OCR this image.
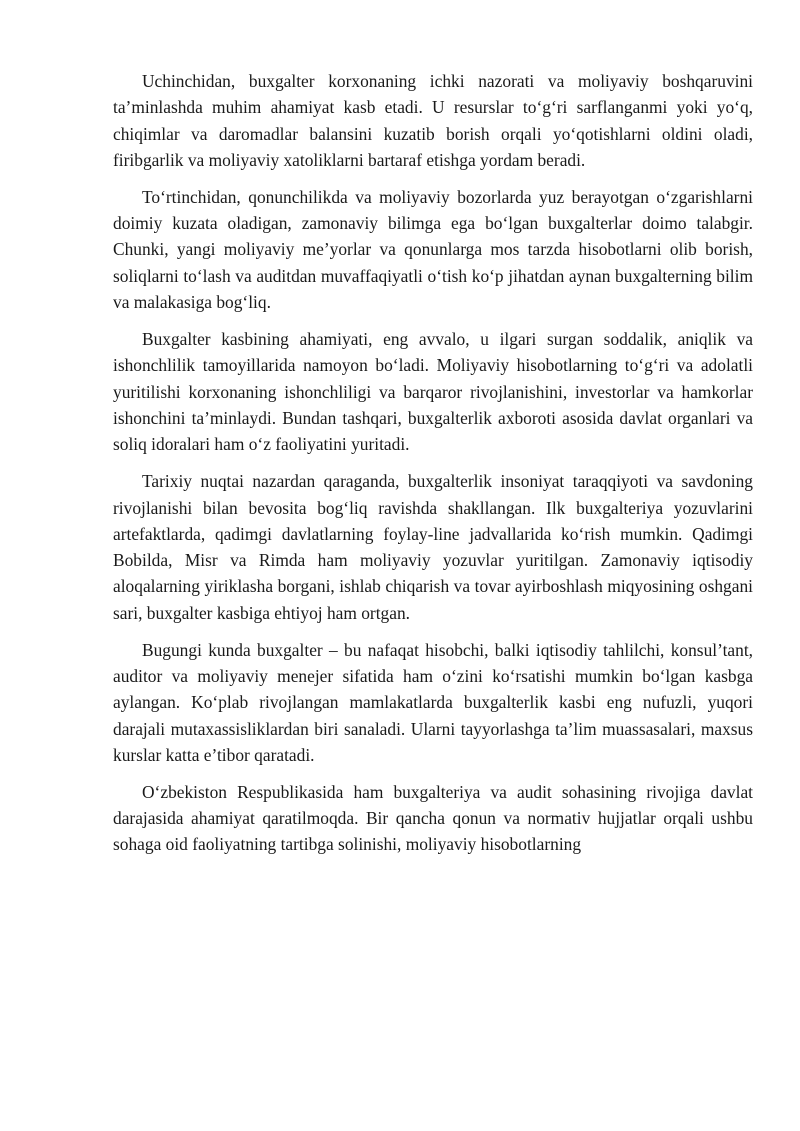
Uchinchidan, buxgalter korxonaning ichki nazorati va moliyaviy boshqaruvini ta’minlashda muhim ahamiyat kasb etadi. U resurslar to‘g‘ri sarflanganmi yoki yo‘q, chiqimlar va daromadlar balansini kuzatib borish orqali yo‘qotishlarni oldini oladi, firibgarlik va moliyaviy xatoliklarni bartaraf etishga yordam beradi.

To‘rtinchidan, qonunchilikda va moliyaviy bozorlarda yuz berayotgan o‘zgarishlarni doimiy kuzata oladigan, zamonaviy bilimga ega bo‘lgan buxgalterlar doimo talabgir. Chunki, yangi moliyaviy me’yorlar va qonunlarga mos tarzda hisobotlarni olib borish, soliqlarni to‘lash va auditdan muvaffaqiyatli o‘tish ko‘p jihatdan aynan buxgalterning bilim va malakasiga bog‘liq.

Buxgalter kasbining ahamiyati, eng avvalo, u ilgari surgan soddalik, aniqlik va ishonchlilik tamoyillarida namoyon bo‘ladi. Moliyaviy hisobotlarning to‘g‘ri va adolatli yuritilishi korxonaning ishonchliligi va barqaror rivojlanishini, investorlar va hamkorlar ishonchini ta’minlaydi. Bundan tashqari, buxgalterlik axboroti asosida davlat organlari va soliq idoralari ham o‘z faoliyatini yuritadi.

Tarixiy nuqtai nazardan qaraganda, buxgalterlik insoniyat taraqqiyoti va savdoning rivojlanishi bilan bevosita bog‘liq ravishda shakllangan. Ilk buxgalteriya yozuvlarini artefaktlarda, qadimgi davlatlarning foylay-line jadvallarida ko‘rish mumkin. Qadimgi Bobilda, Misr va Rimda ham moliyaviy yozuvlar yuritilgan. Zamonaviy iqtisodiy aloqalarning yiriklasha borgani, ishlab chiqarish va tovar ayirboshlash miqyosining oshgani sari, buxgalter kasbiga ehtiyoj ham ortgan.

Bugungi kunda buxgalter – bu nafaqat hisobchi, balki iqtisodiy tahlilchi, konsul’tant, auditor va moliyaviy menejer sifatida ham o‘zini ko‘rsatishi mumkin bo‘lgan kasbga aylangan. Ko‘plab rivojlangan mamlakatlarda buxgalterlik kasbi eng nufuzli, yuqori darajali mutaxassisliklardan biri sanaladi. Ularni tayyorlashga ta’lim muassasalari, maxsus kurslar katta e’tibor qaratadi.

O‘zbekiston Respublikasida ham buxgalteriya va audit sohasining rivojiga davlat darajasida ahamiyat qaratilmoqda. Bir qancha qonun va normativ hujjatlar orqali ushbu sohaga oid faoliyatning tartibga solinishi, moliyaviy hisobotlarning
